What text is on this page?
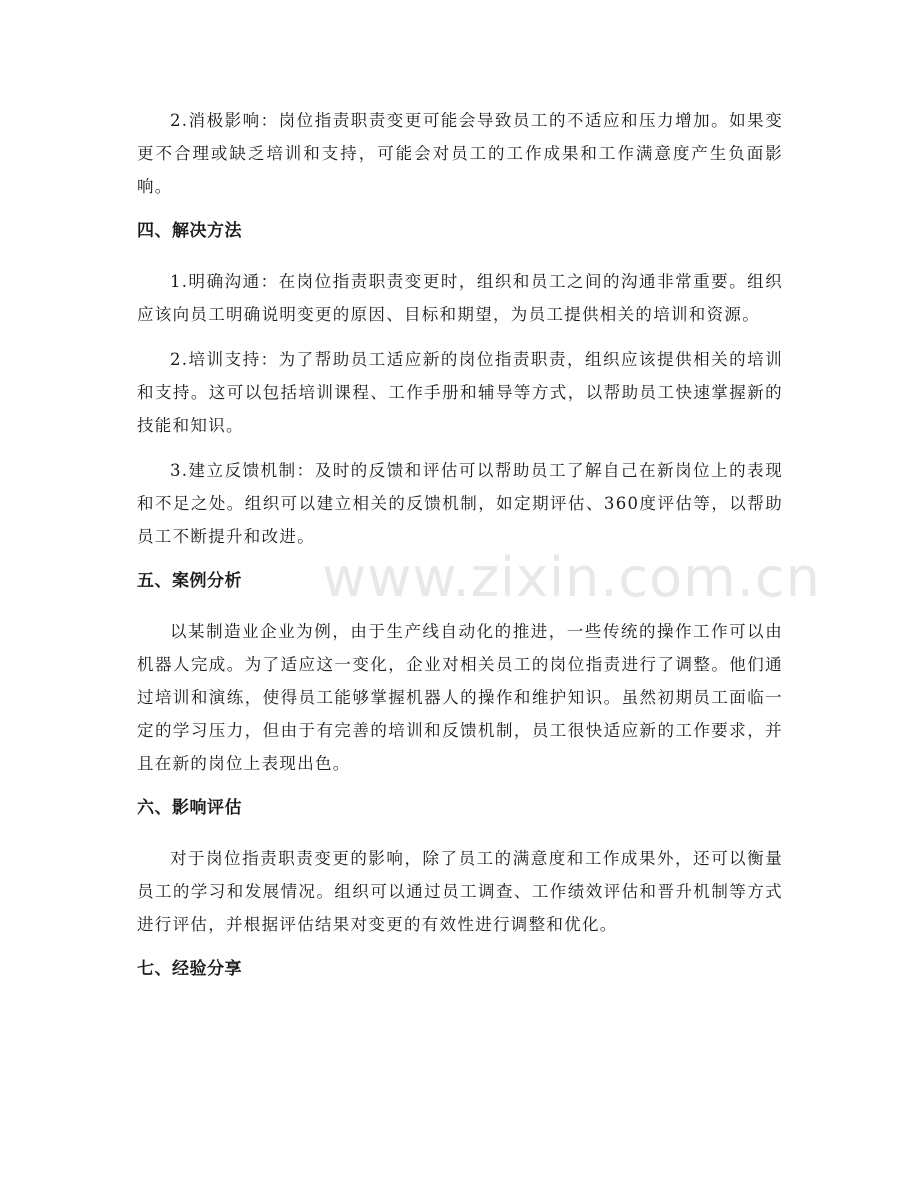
2.消极影响：岗位指责职责变更可能会导致员工的不适应和压力增加。如果变更不合理或缺乏培训和支持，可能会对员工的工作成果和工作满意度产生负面影响。

四、解决方法

1.明确沟通：在岗位指责职责变更时，组织和员工之间的沟通非常重要。组织应该向员工明确说明变更的原因、目标和期望，为员工提供相关的培训和资源。

2.培训支持：为了帮助员工适应新的岗位指责职责，组织应该提供相关的培训和支持。这可以包括培训课程、工作手册和辅导等方式，以帮助员工快速掌握新的技能和知识。

3.建立反馈机制：及时的反馈和评估可以帮助员工了解自己在新岗位上的表现和不足之处。组织可以建立相关的反馈机制，如定期评估、360度评估等，以帮助员工不断提升和改进。

五、案例分析

以某制造业企业为例，由于生产线自动化的推进，一些传统的操作工作可以由机器人完成。为了适应这一变化，企业对相关员工的岗位指责进行了调整。他们通过培训和演练，使得员工能够掌握机器人的操作和维护知识。虽然初期员工面临一定的学习压力，但由于有完善的培训和反馈机制，员工很快适应新的工作要求，并且在新的岗位上表现出色。

六、影响评估

对于岗位指责职责变更的影响，除了员工的满意度和工作成果外，还可以衡量员工的学习和发展情况。组织可以通过员工调查、工作绩效评估和晋升机制等方式进行评估，并根据评估结果对变更的有效性进行调整和优化。

七、经验分享
www.zixin.com.cn
